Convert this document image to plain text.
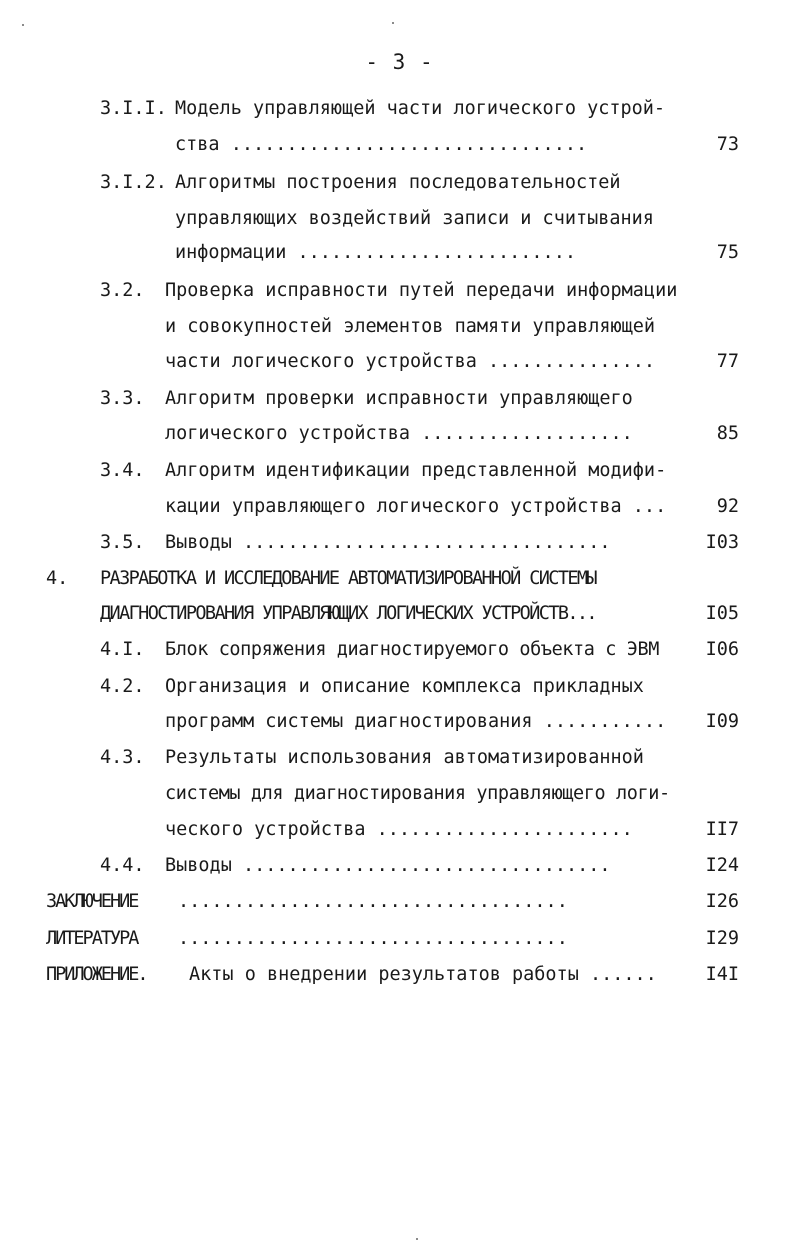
- 3 -
3.I.I. Модель управляющей части логического устрой-
ства ................................	73
3.I.2. Алгоритмы построения последовательностей
управляющих воздействий записи и считывания
информации .........................	75
3.2. Проверка исправности путей передачи информации
и совокупностей элементов памяти управляющей
части логического устройства ...............	77
3.3. Алгоритм проверки исправности управляющего
логического устройства ...................	85
3.4. Алгоритм идентификации представленной модифи-
кации управляющего логического устройства ...	92
3.5. Выводы .................................	I03
4. РАЗРАБОТКА И ИССЛЕДОВАНИЕ АВТОМАТИЗИРОВАННОЙ СИСТЕМЫ
ДИАГНОСТИРОВАНИЯ УПРАВЛЯЮЩИХ ЛОГИЧЕСКИХ УСТРОЙСТВ...	I05
4.I. Блок сопряжения диагностируемого объекта с ЭВМ	I06
4.2. Организация и описание комплекса прикладных
программ системы диагностирования ........... I09
4.3. Результаты использования автоматизированной
системы для диагностирования управляющего логи-
ческого устройства .......................	II7
4.4. Выводы .................................	I24
ЗАКЛЮЧЕНИЕ ...................................	I26
ЛИТЕРАТУРА ...................................	I29
ПРИЛОЖЕНИЕ. Акты о внедрении результатов работы ......	I4I
